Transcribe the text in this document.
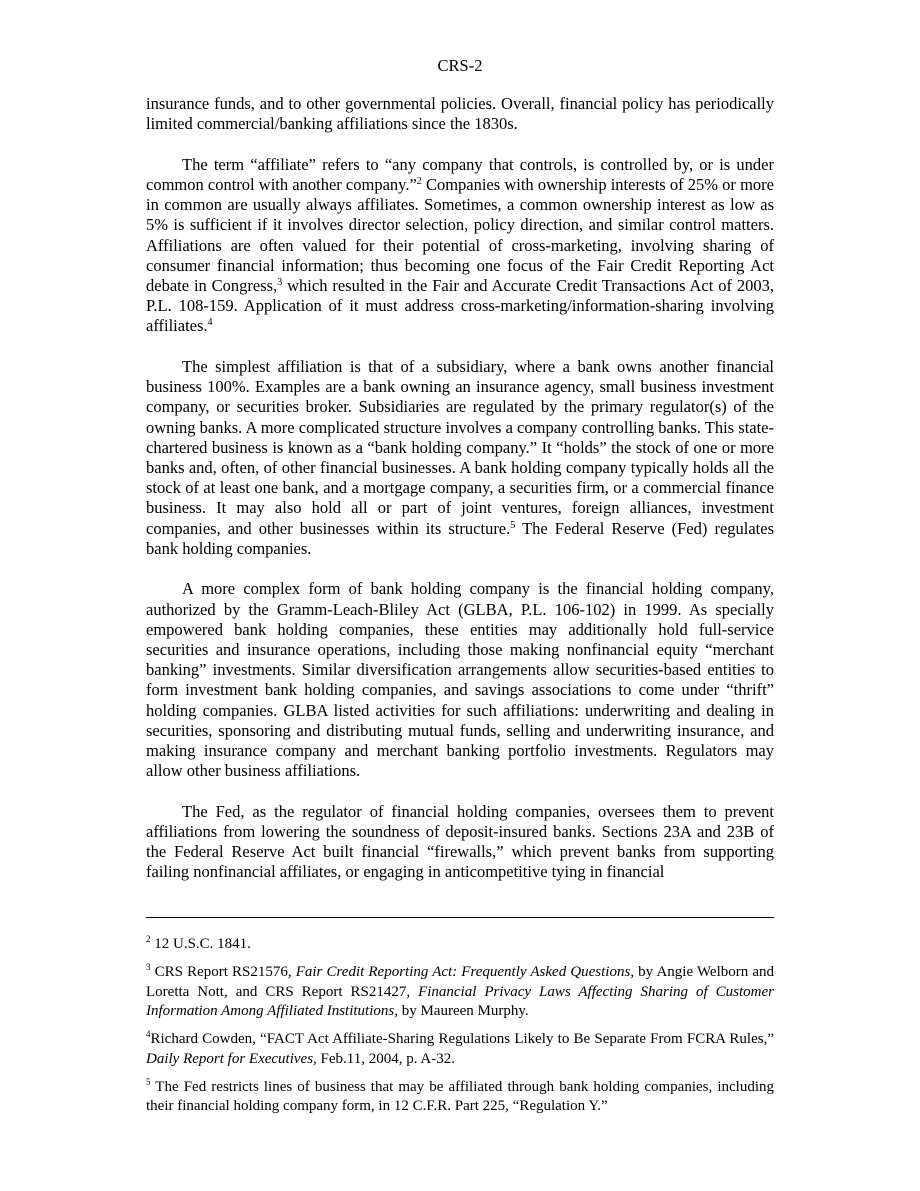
CRS-2

insurance funds, and to other governmental policies. Overall, financial policy has periodically limited commercial/banking affiliations since the 1830s.

The term “affiliate” refers to “any company that controls, is controlled by, or is under common control with another company.”$^2$ Companies with ownership interests of 25% or more in common are usually always affiliates. Sometimes, a common ownership interest as low as 5% is sufficient if it involves director selection, policy direction, and similar control matters. Affiliations are often valued for their potential of cross-marketing, involving sharing of consumer financial information; thus becoming one focus of the Fair Credit Reporting Act debate in Congress,$^3$ which resulted in the Fair and Accurate Credit Transactions Act of 2003, P.L. 108-159. Application of it must address cross-marketing/information-sharing involving affiliates.$^4$

The simplest affiliation is that of a subsidiary, where a bank owns another financial business 100%. Examples are a bank owning an insurance agency, small business investment company, or securities broker. Subsidiaries are regulated by the primary regulator(s) of the owning banks. A more complicated structure involves a company controlling banks. This state-chartered business is known as a “bank holding company.” It “holds” the stock of one or more banks and, often, of other financial businesses. A bank holding company typically holds all the stock of at least one bank, and a mortgage company, a securities firm, or a commercial finance business. It may also hold all or part of joint ventures, foreign alliances, investment companies, and other businesses within its structure.$^5$ The Federal Reserve (Fed) regulates bank holding companies.

A more complex form of bank holding company is the financial holding company, authorized by the Gramm-Leach-Bliley Act (GLBA, P.L. 106-102) in 1999. As specially empowered bank holding companies, these entities may additionally hold full-service securities and insurance operations, including those making nonfinancial equity “merchant banking” investments. Similar diversification arrangements allow securities-based entities to form investment bank holding companies, and savings associations to come under “thrift” holding companies. GLBA listed activities for such affiliations: underwriting and dealing in securities, sponsoring and distributing mutual funds, selling and underwriting insurance, and making insurance company and merchant banking portfolio investments. Regulators may allow other business affiliations.

The Fed, as the regulator of financial holding companies, oversees them to prevent affiliations from lowering the soundness of deposit-insured banks. Sections 23A and 23B of the Federal Reserve Act built financial “firewalls,” which prevent banks from supporting failing nonfinancial affiliates, or engaging in anticompetitive tying in financial

$^2$ 12 U.S.C. 1841.
$^3$ CRS Report RS21576, Fair Credit Reporting Act: Frequently Asked Questions, by Angie Welborn and Loretta Nott, and CRS Report RS21427, Financial Privacy Laws Affecting Sharing of Customer Information Among Affiliated Institutions, by Maureen Murphy.
$^4$Richard Cowden, “FACT Act Affiliate-Sharing Regulations Likely to Be Separate From FCRA Rules,” Daily Report for Executives, Feb.11, 2004, p. A-32.
$^5$ The Fed restricts lines of business that may be affiliated through bank holding companies, including their financial holding company form, in 12 C.F.R. Part 225, “Regulation Y.”
